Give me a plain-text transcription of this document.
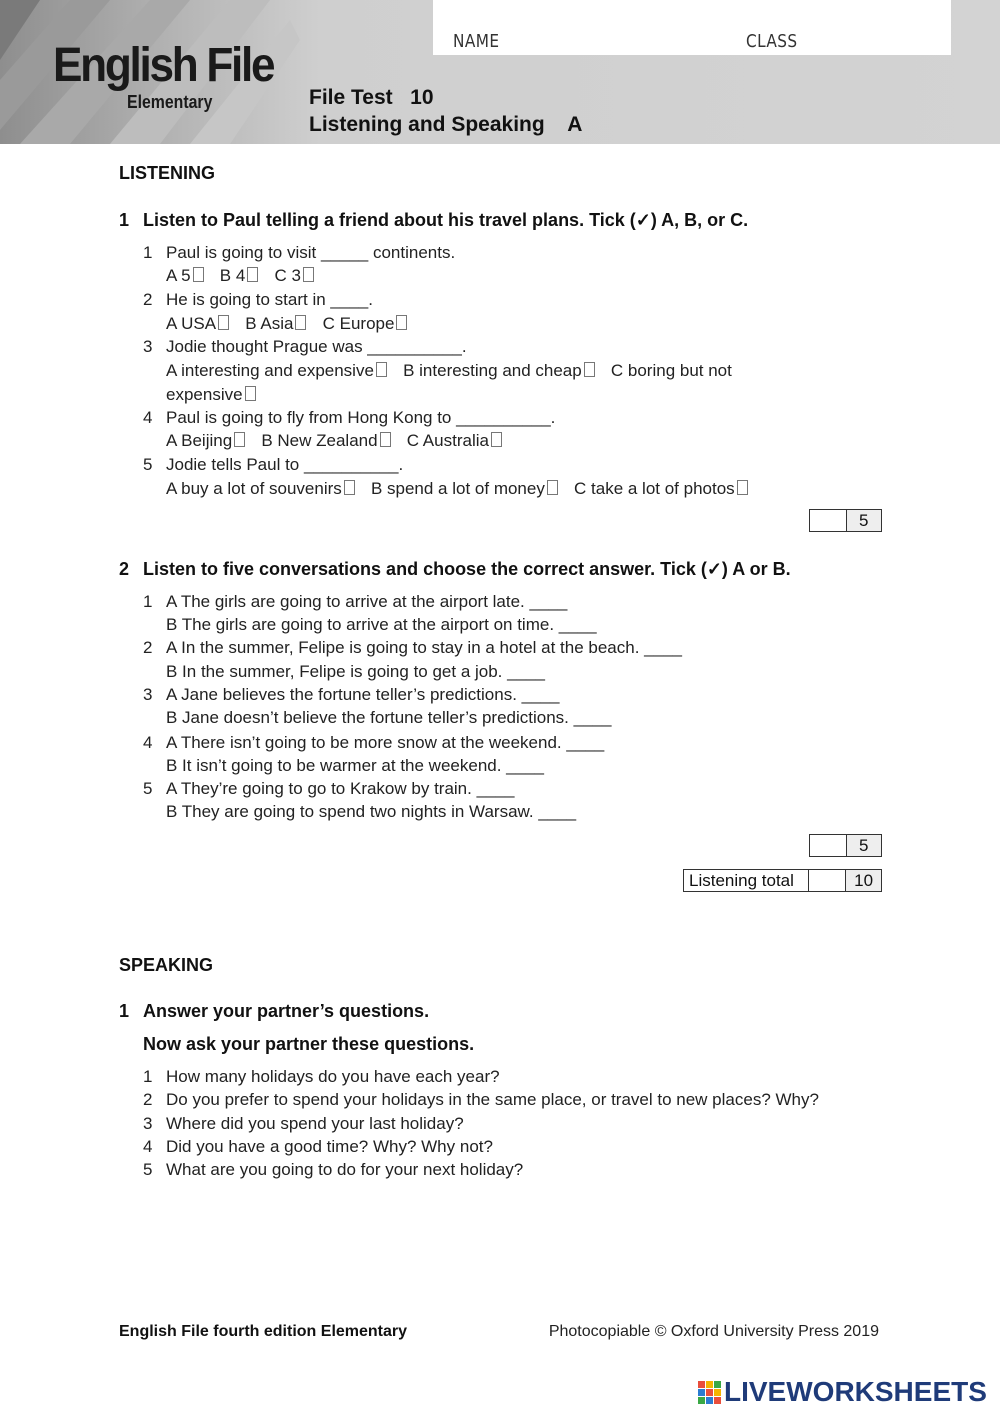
NAME	CLASS
English File
Elementary	File Test   10
Listening and Speaking    A
LISTENING
1 Listen to Paul telling a friend about his travel plans. Tick (✓) A, B, or C.
1 Paul is going to visit _____ continents.
A 5 B 4 C 3
2 He is going to start in ____.
A USA B Asia C Europe
3 Jodie thought Prague was __________.
A interesting and expensive B interesting and cheap C boring but not
expensive
4 Paul is going to fly from Hong Kong to __________.
A Beijing B New Zealand C Australia
5 Jodie tells Paul to __________.
A buy a lot of souvenirs B spend a lot of money C take a lot of photos
5
2 Listen to five conversations and choose the correct answer. Tick (✓) A or B.
1 A The girls are going to arrive at the airport late. ____
B The girls are going to arrive at the airport on time. ____
2 A In the summer, Felipe is going to stay in a hotel at the beach. ____
B In the summer, Felipe is going to get a job. ____
3 A Jane believes the fortune teller’s predictions. ____
B Jane doesn’t believe the fortune teller’s predictions. ____
4 A There isn’t going to be more snow at the weekend. ____
B It isn’t going to be warmer at the weekend. ____
5 A They’re going to go to Krakow by train. ____
B They are going to spend two nights in Warsaw. ____
5
Listening total	10
SPEAKING
1 Answer your partner’s questions.
Now ask your partner these questions.
1 How many holidays do you have each year?
2 Do you prefer to spend your holidays in the same place, or travel to new places? Why?
3 Where did you spend your last holiday?
4 Did you have a good time? Why? Why not?
5 What are you going to do for your next holiday?
English File fourth edition Elementary	Photocopiable © Oxford University Press 2019
LIVEWORKSHEETS
